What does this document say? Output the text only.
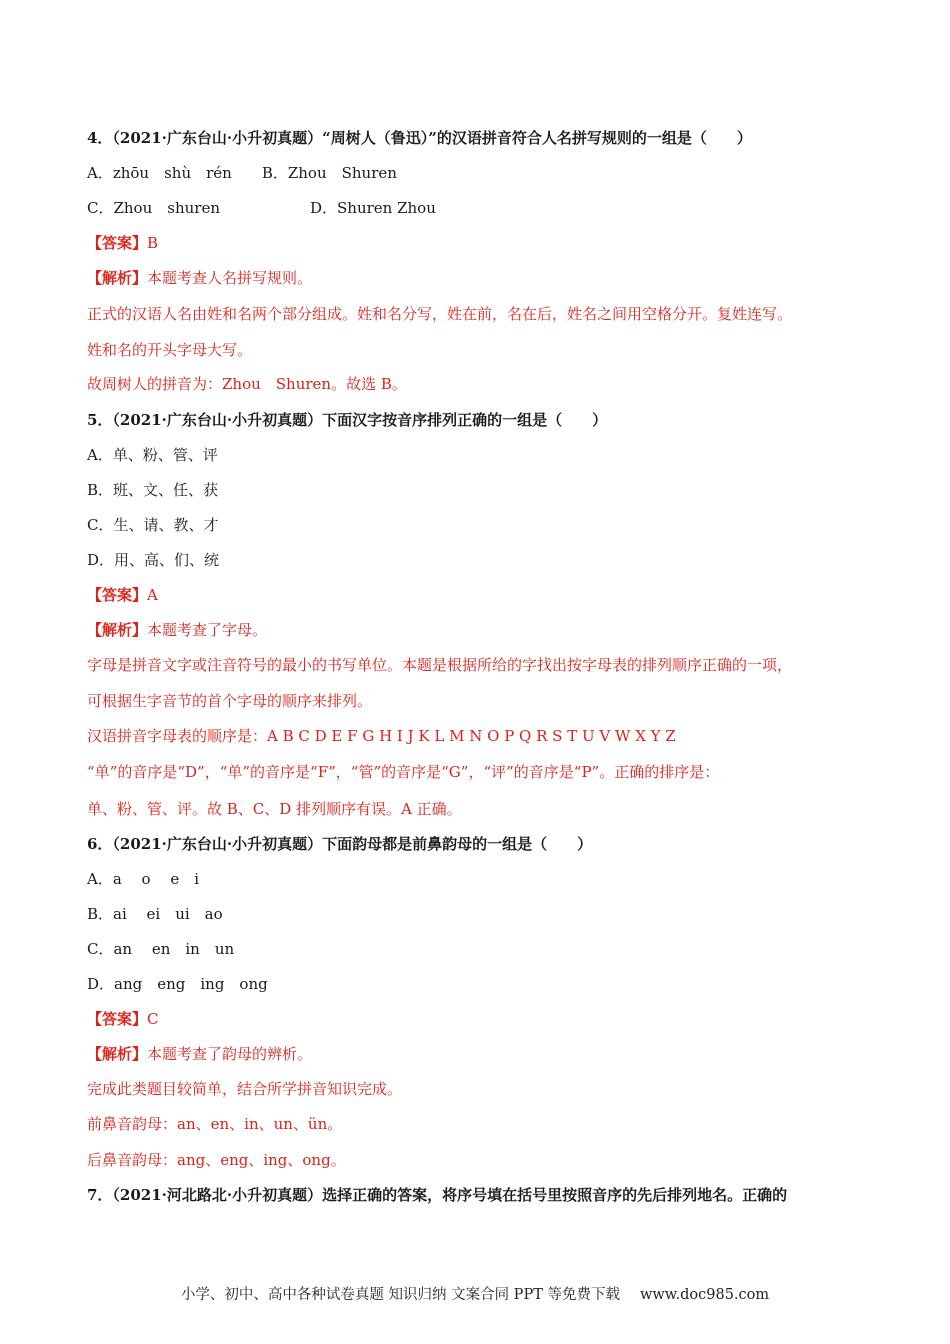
4．（2021·广东台山·小升初真题）“周树人（鲁迅）”的汉语拼音符合人名拼写规则的一组是（　　）
A．zhōu　shù　rén　　B．Zhou　Shuren
C．Zhou　shuren　　　　　　D．Shuren Zhou
【答案】B
【解析】本题考查人名拼写规则。
正式的汉语人名由姓和名两个部分组成。姓和名分写，姓在前，名在后，姓名之间用空格分开。复姓连写。
姓和名的开头字母大写。
故周树人的拼音为：Zhou　Shuren。故选 B。
5．（2021·广东台山·小升初真题）下面汉字按音序排列正确的一组是（　　）
A．单、粉、管、评
B．班、文、任、获
C．生、请、教、才
D．用、高、们、统
【答案】A
【解析】本题考查了字母。
字母是拼音文字或注音符号的最小的书写单位。本题是根据所给的字找出按字母表的排列顺序正确的一项，
可根据生字音节的首个字母的顺序来排列。
汉语拼音字母表的顺序是：A B C D E F G H I J K L M N O P Q R S T U V W X Y Z
“单”的音序是“D”，“单”的音序是“F”，“管”的音序是“G”，“评”的音序是“P”。正确的排序是：
单、粉、管、评。故 B、C、D 排列顺序有误。A 正确。
6．（2021·广东台山·小升初真题）下面韵母都是前鼻韵母的一组是（　　）
A．a　 o　 e　i
B．ai　 ei　ui　ao
C．an　 en　in　un
D．ang　eng　ing　ong
【答案】C
【解析】本题考查了韵母的辨析。
完成此类题目较简单，结合所学拼音知识完成。
前鼻音韵母：an、en、in、un、ün。
后鼻音韵母：ang、eng、ing、ong。
7．（2021·河北路北·小升初真题）选择正确的答案，将序号填在括号里按照音序的先后排列地名。正确的
小学、初中、高中各种试卷真题 知识归纳 文案合同 PPT 等免费下载 www.doc985.com
